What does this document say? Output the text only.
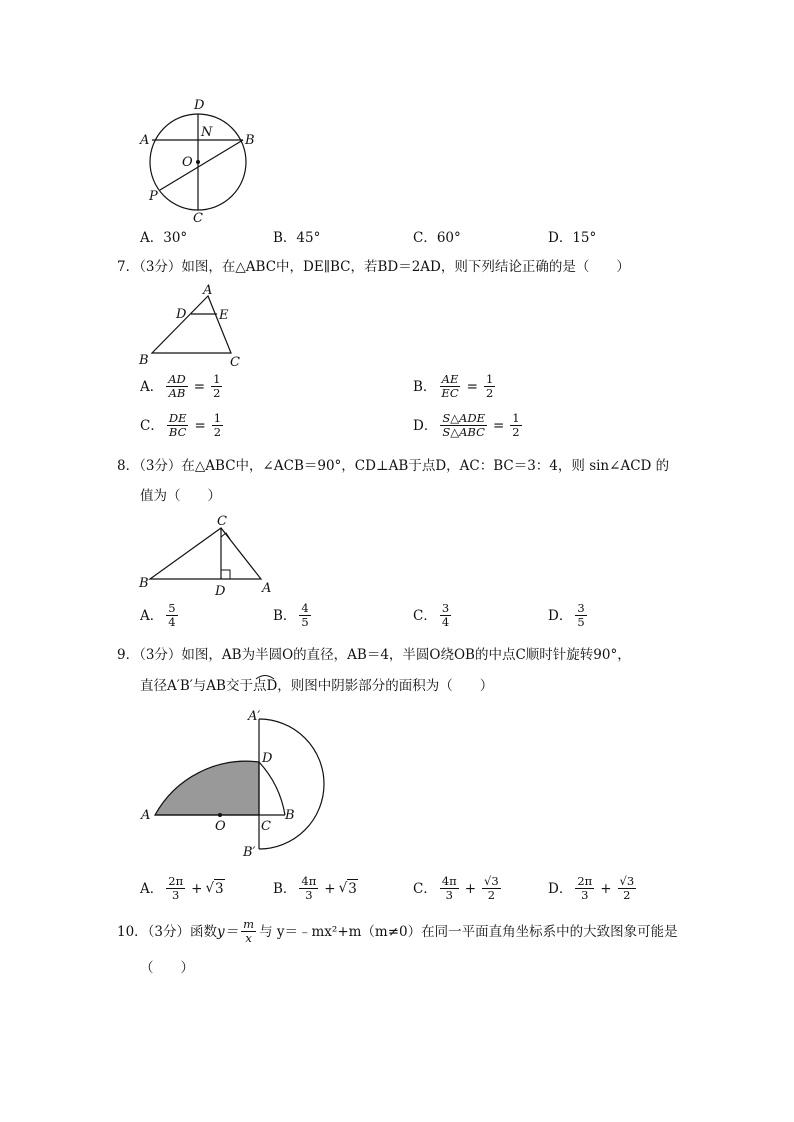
D
N
A	B
O
P
C
A．30°	B．45°	C．60°	D．15°
7．（3分）如图，在△ABC中，DE∥BC，若BD＝2AD，则下列结论正确的是（　　）
A
D	E
B	C
A． $\frac{AD}{AB} = \frac{1}{2}$	B． $\frac{AE}{EC} = \frac{1}{2}$
C． $\frac{DE}{BC} = \frac{1}{2}$	D． $\frac{\text{S△ADE}}{\text{S△ABC}} = \frac{1}{2}$
8．（3分）在△ABC中，∠ACB＝90°，CD⊥AB于点D，AC：BC＝3：4，则 sin∠ACD 的
值为（　　）
C
B
D	A
A． $\frac{5}{4}$	B． $\frac{4}{5}$	C． $\frac{3}{4}$	D． $\frac{3}{5}$
9．（3分）如图，AB为半圆O的直径，AB＝4，半圆O绕OB的中点C顺时针旋转90°，
直径A′B′与AB交于点D，则图中阴影部分的面积为（　　）
A′
D
A
O	C
B
B′
A． $\frac{2\pi}{3}$ + √ 3	B． $\frac{4\pi}{3}$ + √ 3	C． $\frac{4\pi}{3} + \frac{√3}{2}$	D． $\frac{2\pi}{3} + \frac{√3}{2}$
10．（3分）函数 $y= \frac{m}{x}$ 与 y＝﹣mx²+m（m≠0）在同一平面直角坐标系中的大致图象可能是
（　　）
